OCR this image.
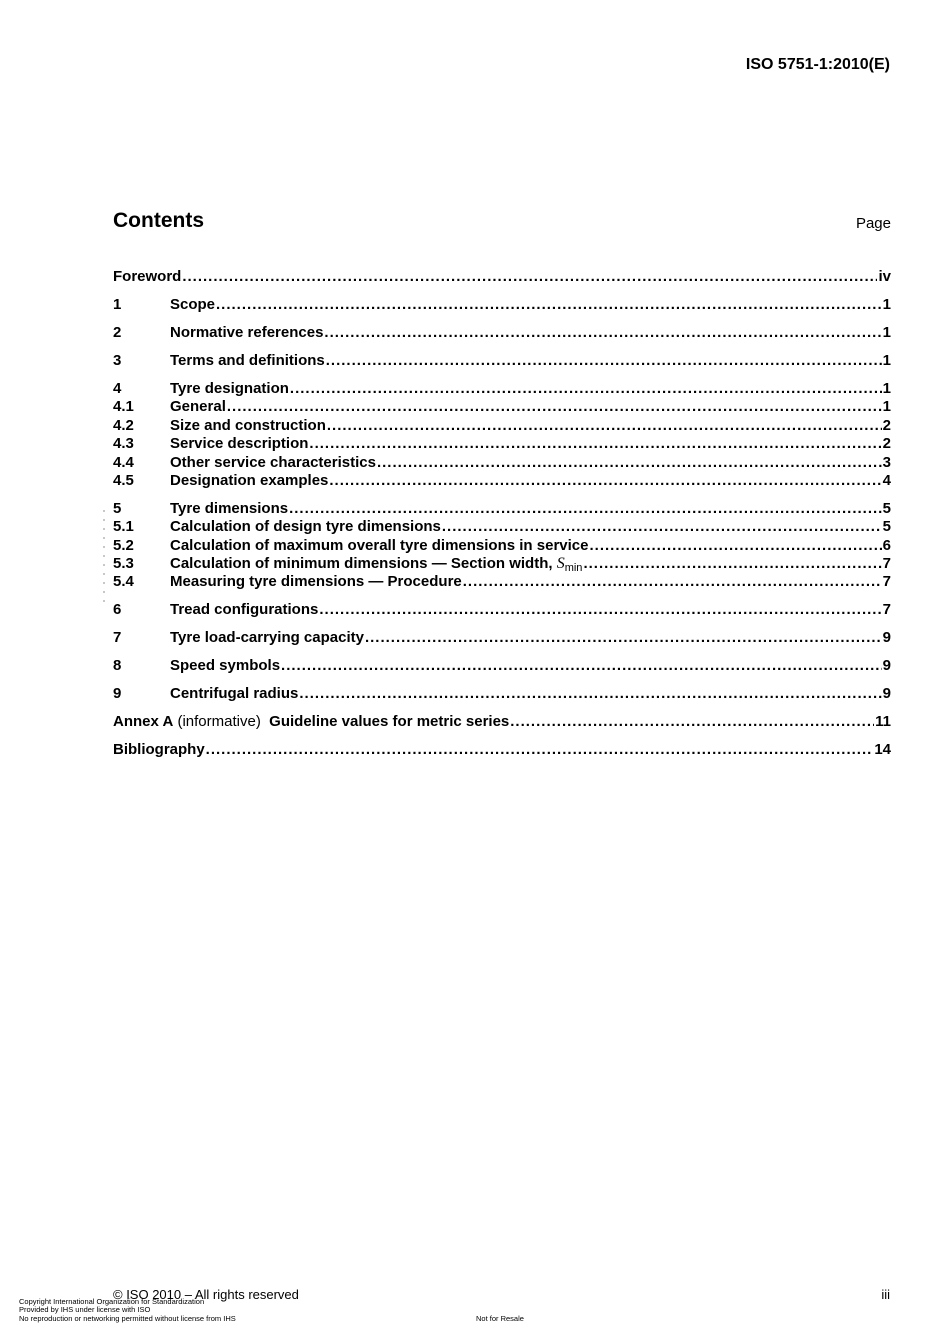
ISO 5751-1:2010(E)
Contents	Page
Foreword .....	iv
1	Scope .....	1
2	Normative references .....	1
3	Terms and definitions .....	1
4	Tyre designation .....	1
4.1	General .....	1
4.2	Size and construction .....	2
4.3	Service description .....	2
4.4	Other service characteristics .....	3
4.5	Designation examples .....	4
5	Tyre dimensions .....	5
5.1	Calculation of design tyre dimensions .....	5
5.2	Calculation of maximum overall tyre dimensions in service .....	6
5.3	Calculation of minimum dimensions — Section width, $S_{min}$ .....	7
5.4	Measuring tyre dimensions — Procedure .....	7
6	Tread configurations .....	7
7	Tyre load-carrying capacity .....	9
8	Speed symbols .....	9
9	Centrifugal radius .....	9
Annex A (informative)  Guideline values for metric series .....	11
Bibliography .....	14
© ISO 2010 – All rights reserved	iii
Copyright International Organization for Standardization
Provided by IHS under license with ISO
No reproduction or networking permitted without license from IHS	Not for Resale
